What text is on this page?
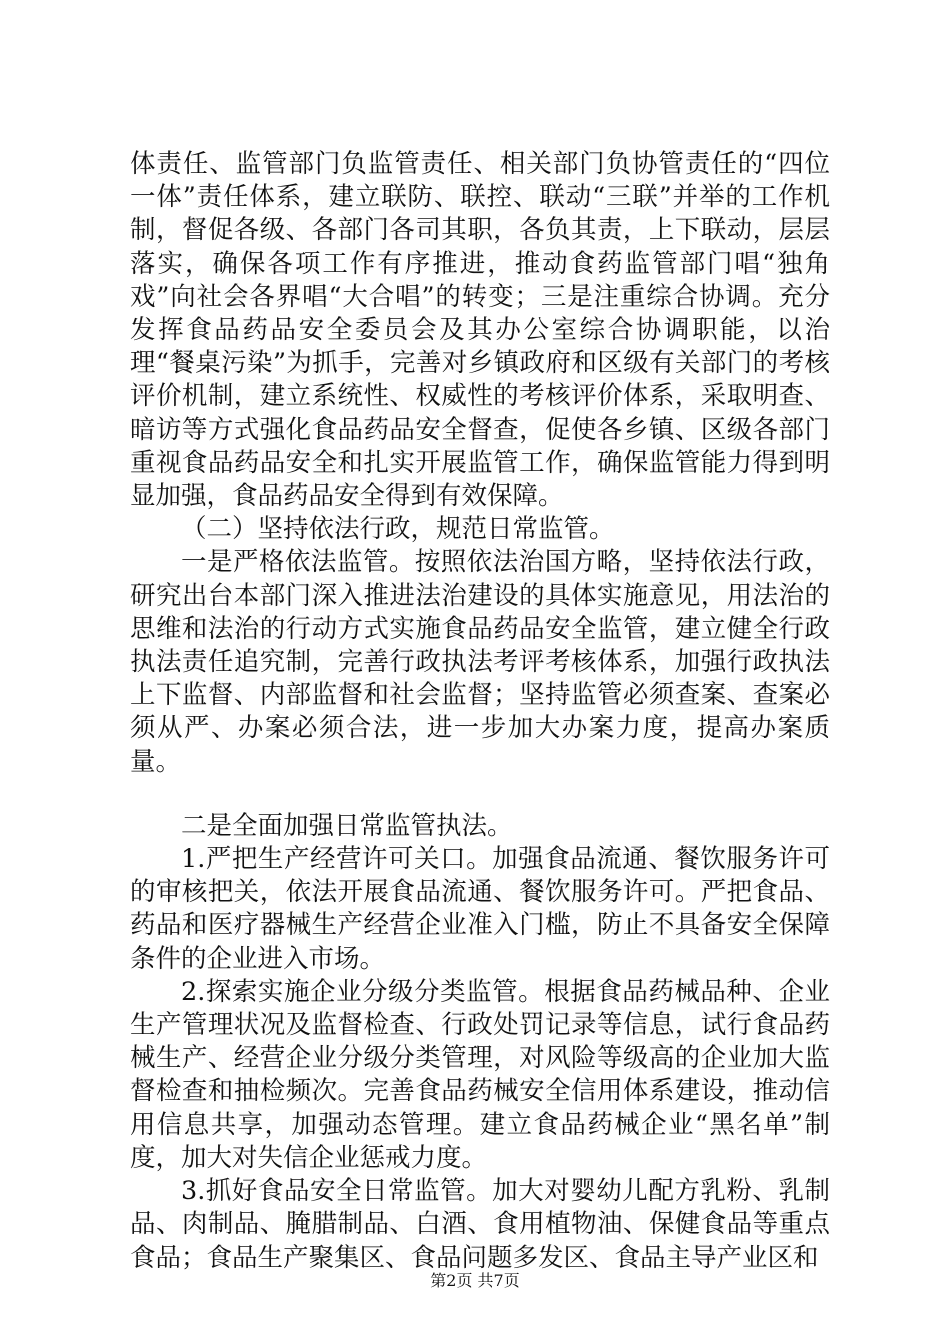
体责任、监管部门负监管责任、相关部门负协管责任的“四位一体”责任体系，建立联防、联控、联动“三联”并举的工作机制，督促各级、各部门各司其职，各负其责，上下联动，层层落实，确保各项工作有序推进，推动食药监管部门唱“独角戏”向社会各界唱“大合唱”的转变；三是注重综合协调。充分发挥食品药品安全委员会及其办公室综合协调职能，以治理“餐桌污染”为抓手，完善对乡镇政府和区级有关部门的考核评价机制，建立系统性、权威性的考核评价体系，采取明查、暗访等方式强化食品药品安全督查，促使各乡镇、区级各部门重视食品药品安全和扎实开展监管工作，确保监管能力得到明显加强，食品药品安全得到有效保障。

（二）坚持依法行政，规范日常监管。

一是严格依法监管。按照依法治国方略，坚持依法行政，研究出台本部门深入推进法治建设的具体实施意见，用法治的思维和法治的行动方式实施食品药品安全监管，建立健全行政执法责任追究制，完善行政执法考评考核体系，加强行政执法上下监督、内部监督和社会监督；坚持监管必须查案、查案必须从严、办案必须合法，进一步加大办案力度，提高办案质量。

二是全面加强日常监管执法。

1.严把生产经营许可关口。加强食品流通、餐饮服务许可的审核把关，依法开展食品流通、餐饮服务许可。严把食品、药品和医疗器械生产经营企业准入门槛，防止不具备安全保障条件的企业进入市场。

2.探索实施企业分级分类监管。根据食品药械品种、企业生产管理状况及监督检查、行政处罚记录等信息，试行食品药械生产、经营企业分级分类管理，对风险等级高的企业加大监督检查和抽检频次。完善食品药械安全信用体系建设，推动信用信息共享，加强动态管理。建立食品药械企业“黑名单”制度，加大对失信企业惩戒力度。

3.抓好食品安全日常监管。加大对婴幼儿配方乳粉、乳制品、肉制品、腌腊制品、白酒、食用植物油、保健食品等重点食品；食品生产聚集区、食品问题多发区、食品主导产业区和

第2页 共7页
